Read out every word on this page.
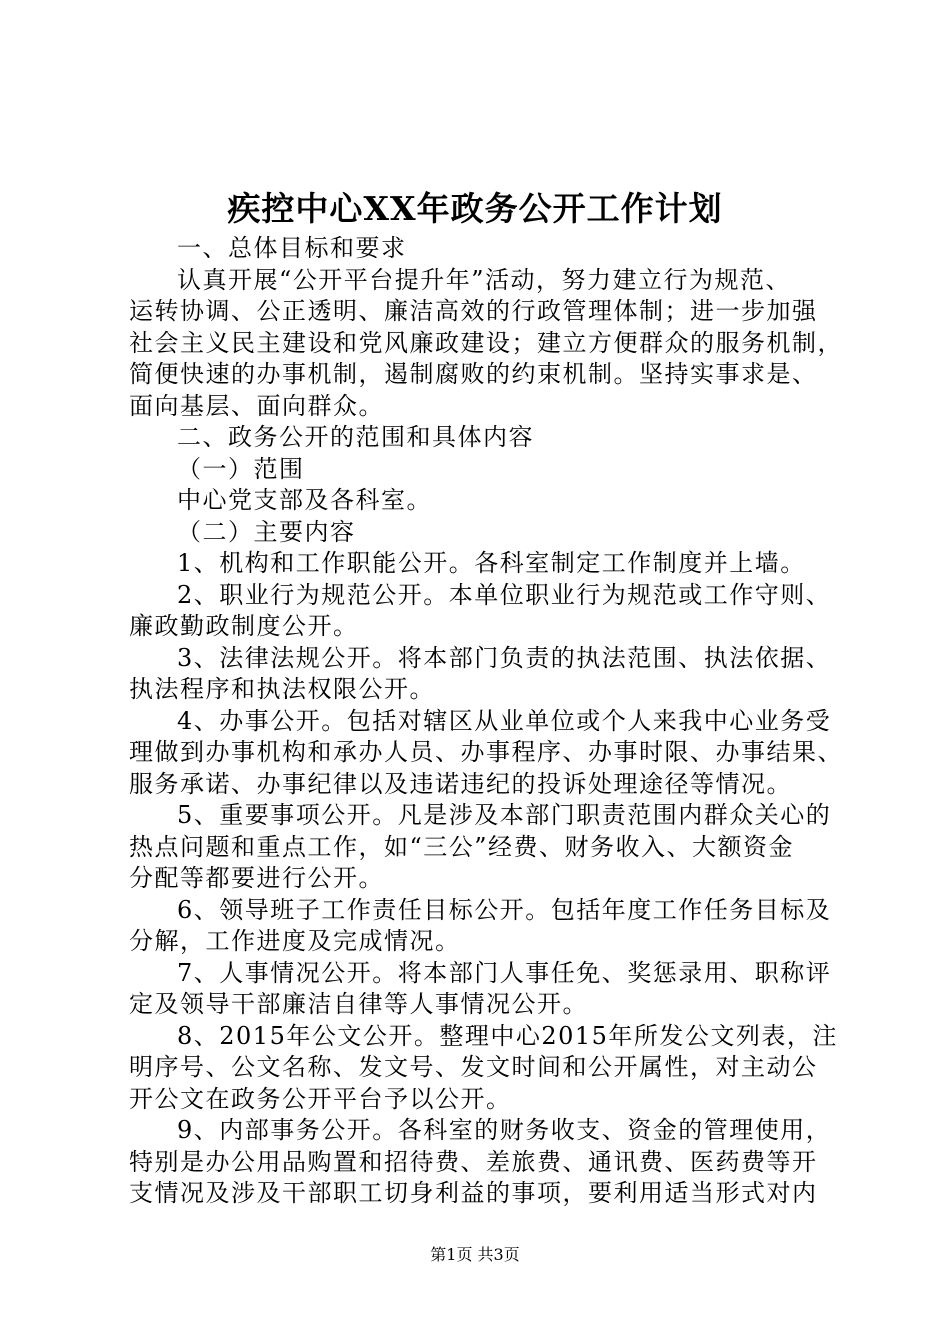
疾控中心XX年政务公开工作计划
一、总体目标和要求
认真开展“公开平台提升年”活动，努力建立行为规范、
运转协调、公正透明、廉洁高效的行政管理体制；进一步加强
社会主义民主建设和党风廉政建设；建立方便群众的服务机制，
简便快速的办事机制，遏制腐败的约束机制。坚持实事求是、
面向基层、面向群众。
二、政务公开的范围和具体内容
（一）范围
中心党支部及各科室。
（二）主要内容
1、机构和工作职能公开。各科室制定工作制度并上墙。
2、职业行为规范公开。本单位职业行为规范或工作守则、
廉政勤政制度公开。
3、法律法规公开。将本部门负责的执法范围、执法依据、
执法程序和执法权限公开。
4、办事公开。包括对辖区从业单位或个人来我中心业务受
理做到办事机构和承办人员、办事程序、办事时限、办事结果、
服务承诺、办事纪律以及违诺违纪的投诉处理途径等情况。
5、重要事项公开。凡是涉及本部门职责范围内群众关心的
热点问题和重点工作，如“三公”经费、财务收入、大额资金
分配等都要进行公开。
6、领导班子工作责任目标公开。包括年度工作任务目标及
分解，工作进度及完成情况。
7、人事情况公开。将本部门人事任免、奖惩录用、职称评
定及领导干部廉洁自律等人事情况公开。
8、2015年公文公开。整理中心2015年所发公文列表，注
明序号、公文名称、发文号、发文时间和公开属性，对主动公
开公文在政务公开平台予以公开。
9、内部事务公开。各科室的财务收支、资金的管理使用，
特别是办公用品购置和招待费、差旅费、通讯费、医药费等开
支情况及涉及干部职工切身利益的事项，要利用适当形式对内
第1页 共3页
